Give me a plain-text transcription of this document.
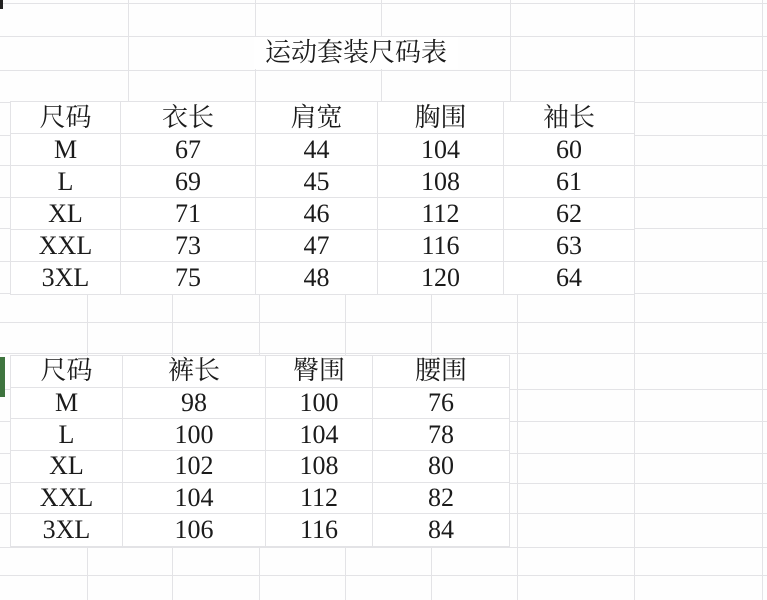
运动套装尺码表
尺码	衣长	肩宽	胸围	袖长
M	67	44	104	60
L	69	45	108	61
XL	71	46	112	62
XXL	73	47	116	63
3XL	75	48	120	64
尺码	裤长	臀围	腰围
M	98	100	76
L	100	104	78
XL	102	108	80
XXL	104	112	82
3XL	106	116	84
